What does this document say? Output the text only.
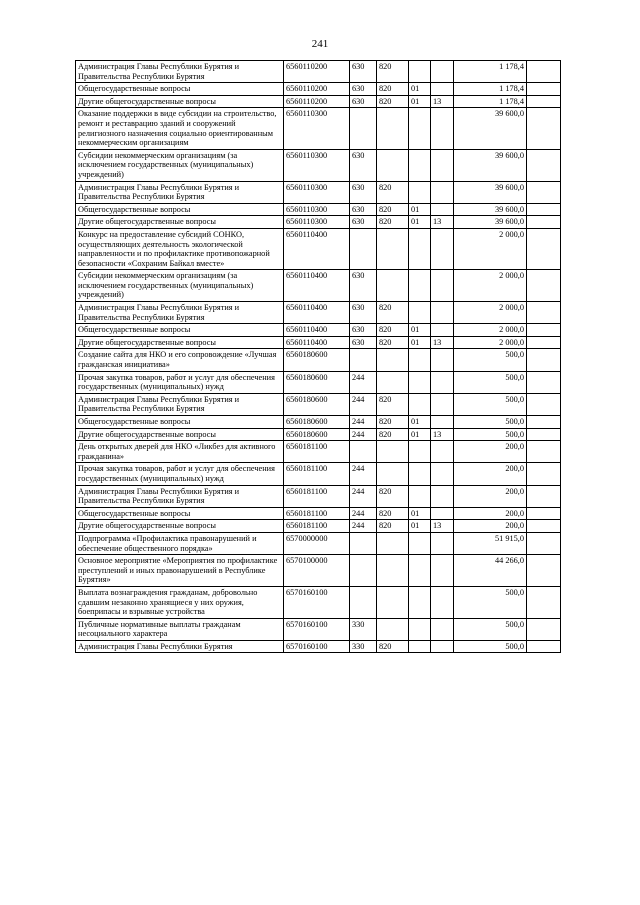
241
Администрация Главы Республики Бурятия и Правительства Республики Бурятия	6560110200	630	820			1 178,4	
Общегосударственные вопросы	6560110200	630	820	01		1 178,4	
Другие общегосударственные вопросы	6560110200	630	820	01	13	1 178,4	
Оказание поддержки в виде субсидии на строительство, ремонт и реставрацию зданий и сооружений религиозного назначения социально ориентированным некоммерческим организациям	6560110300					39 600,0	
Субсидии некоммерческим организациям (за исключением государственных (муниципальных) учреждений)	6560110300	630				39 600,0	
Администрация Главы Республики Бурятия и Правительства Республики Бурятия	6560110300	630	820			39 600,0	
Общегосударственные вопросы	6560110300	630	820	01		39 600,0	
Другие общегосударственные вопросы	6560110300	630	820	01	13	39 600,0	
Конкурс на предоставление субсидий СОНКО, осуществляющих деятельность экологической направленности и по профилактике противопожарной безопасности «Сохраним Байкал вместе»	6560110400					2 000,0	
Субсидии некоммерческим организациям (за исключением государственных (муниципальных) учреждений)	6560110400	630				2 000,0	
Администрация Главы Республики Бурятия и Правительства Республики Бурятия	6560110400	630	820			2 000,0	
Общегосударственные вопросы	6560110400	630	820	01		2 000,0	
Другие общегосударственные вопросы	6560110400	630	820	01	13	2 000,0	
Создание сайта для НКО и его сопровождение «Лучшая гражданская инициатива»	6560180600					500,0	
Прочая закупка товаров, работ и услуг для обеспечения государственных (муниципальных) нужд	6560180600	244				500,0	
Администрация Главы Республики Бурятия и Правительства Республики Бурятия	6560180600	244	820			500,0	
Общегосударственные вопросы	6560180600	244	820	01		500,0	
Другие общегосударственные вопросы	6560180600	244	820	01	13	500,0	
День открытых дверей для НКО «Ликбез для активного гражданина»	6560181100					200,0	
Прочая закупка товаров, работ и услуг для обеспечения государственных (муниципальных) нужд	6560181100	244				200,0	
Администрация Главы Республики Бурятия и Правительства Республики Бурятия	6560181100	244	820			200,0	
Общегосударственные вопросы	6560181100	244	820	01		200,0	
Другие общегосударственные вопросы	6560181100	244	820	01	13	200,0	
Подпрограмма «Профилактика правонарушений и обеспечение общественного порядка»	6570000000					51 915,0	
Основное мероприятие «Мероприятия по профилактике преступлений и иных правонарушений в Республике Бурятия»	6570100000					44 266,0	
Выплата вознаграждения гражданам, добровольно сдавшим незаконно хранящиеся у них оружия, боеприпасы и взрывные устройства	6570160100					500,0	
Публичные нормативные выплаты гражданам несоциального характера	6570160100	330				500,0	
Администрация Главы Республики Бурятия	6570160100	330	820			500,0	
